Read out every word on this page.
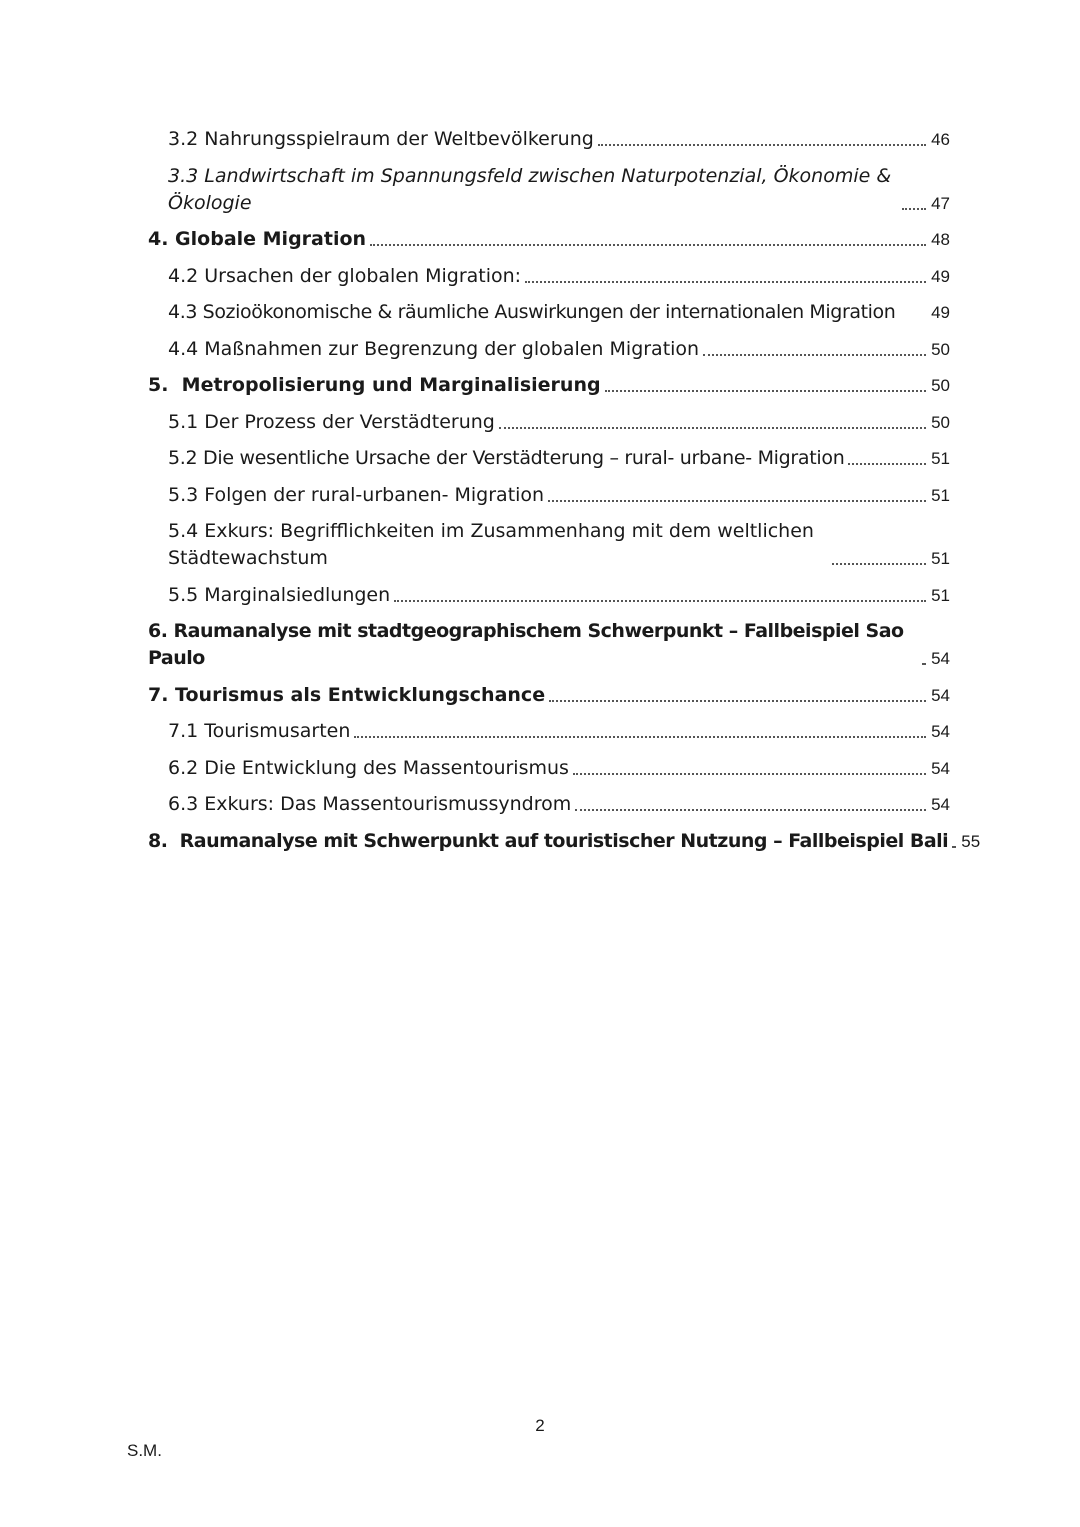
3.2 Nahrungsspielraum der Weltbevölkerung	46
3.3 Landwirtschaft im Spannungsfeld zwischen Naturpotenzial, Ökonomie & Ökologie	47
4. Globale Migration	48
4.2 Ursachen der globalen Migration:	49
4.3 Sozioökonomische & räumliche Auswirkungen der internationalen Migration 49
4.4 Maßnahmen zur Begrenzung der globalen Migration	50
5.  Metropolisierung und Marginalisierung	50
5.1 Der Prozess der Verstädterung	50
5.2 Die wesentliche Ursache der Verstädterung – rural- urbane- Migration	51
5.3 Folgen der rural-urbanen- Migration	51
5.4 Exkurs: Begrifflichkeiten im Zusammenhang mit dem weltlichen Städtewachstum	51
5.5 Marginalsiedlungen	51
6. Raumanalyse mit stadtgeographischem Schwerpunkt – Fallbeispiel Sao Paulo	54
7. Tourismus als Entwicklungschance	54
7.1 Tourismusarten	54
6.2 Die Entwicklung des Massentourismus	54
6.3 Exkurs: Das Massentourismussyndrom	54
8.  Raumanalyse mit Schwerpunkt auf touristischer Nutzung – Fallbeispiel Bali 55
2
S.M.
